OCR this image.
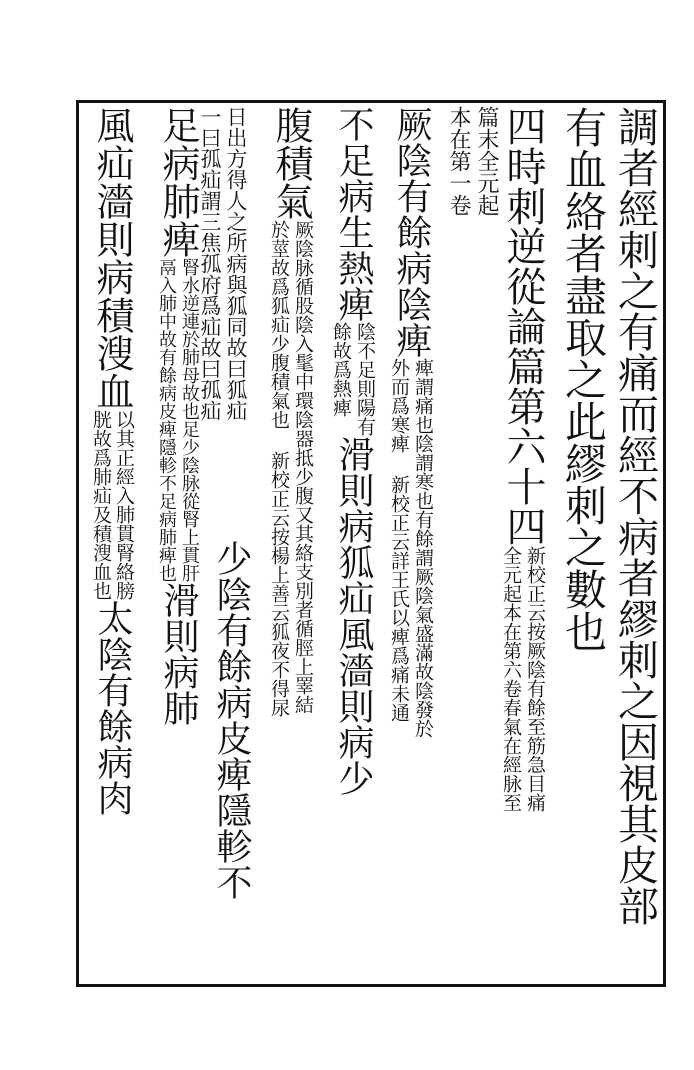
調者經刺之有痛而經不病者繆刺之因視其皮部
有血絡者盡取之此繆刺之數也
四時刺逆從論篇第六十四
全元起本在第六卷春氣在經脉至 新校正云按厥陰有餘至筋急目痛
本在第一卷 篇末全元起
厥陰有餘病陰痺
外而爲寒痺 新校正云詳王氏以痺爲痛未通 痺謂痛也陰謂寒也有餘謂厥陰氣盛滿故陰發於
不足病生熱痺
餘故爲熱痺 陰不足則陽有
滑則病狐疝風濇則病少
腹積氣
於莖故爲狐疝少腹積氣也 新校正云按楊上善云狐夜不得尿 厥陰脉循股陰入髦中環陰器抵少腹又其絡支別者循脛上睪結
一曰孤疝謂三焦孤府爲疝故曰孤疝 日出方得人之所病與狐同故曰狐疝
少陰有餘病皮痺隱軫不
足病肺痺
鬲入肺中故有餘病皮痺隱軫不足病肺痺也 腎水逆連於肺母故也足少陰脉從腎上貫肝
滑則病肺
風疝濇則病積溲血
胱故爲肺疝及積溲血也 以其正經入肺貫腎絡膀
太陰有餘病肉
